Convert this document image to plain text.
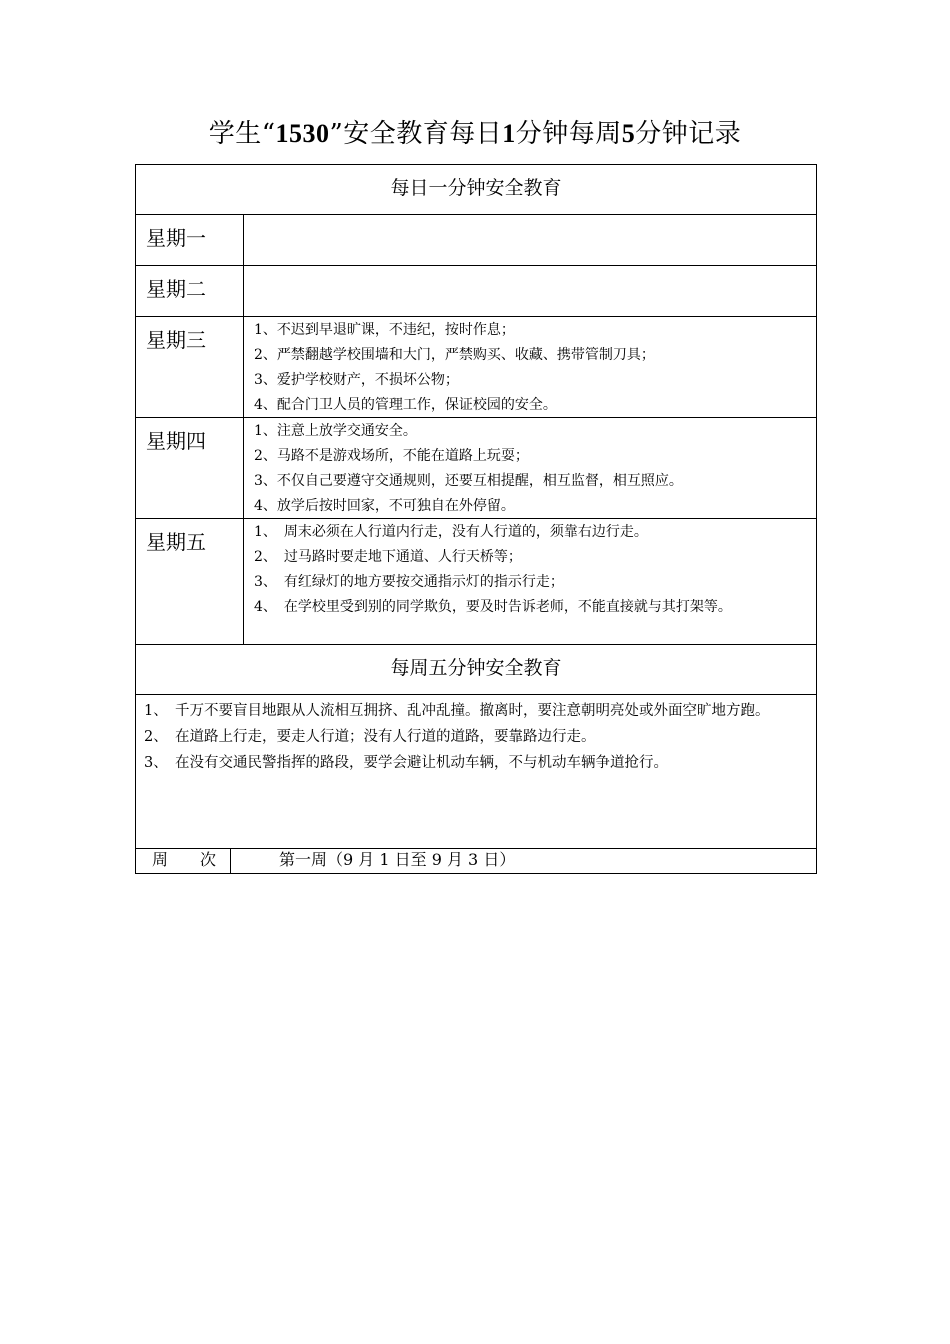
学生“1530”安全教育每日1分钟每周5分钟记录
每日一分钟安全教育
星期一
星期二
星期三	1、不迟到早退旷课，不违纪，按时作息；
2、严禁翻越学校围墙和大门，严禁购买、收藏、携带管制刀具；
3、爱护学校财产，不损坏公物；
4、配合门卫人员的管理工作，保证校园的安全。
星期四	1、注意上放学交通安全。
2、马路不是游戏场所，不能在道路上玩耍；
3、不仅自己要遵守交通规则，还要互相提醒，相互监督，相互照应。
4、放学后按时回家，不可独自在外停留。
星期五	1、　周末必须在人行道内行走，没有人行道的，须靠右边行走。
2、　过马路时要走地下通道、人行天桥等；
3、　有红绿灯的地方要按交通指示灯的指示行走；
4、　在学校里受到别的同学欺负，要及时告诉老师，不能直接就与其打架等。
每周五分钟安全教育
1、　千万不要盲目地跟从人流相互拥挤、乱冲乱撞。撤离时，要注意朝明亮处或外面空旷地方跑。
2、　在道路上行走，要走人行道；没有人行道的道路，要靠路边行走。
3、　在没有交通民警指挥的路段，要学会避让机动车辆，不与机动车辆争道抢行。
周　　次	第一周（9 月 1 日至 9 月 3 日）
